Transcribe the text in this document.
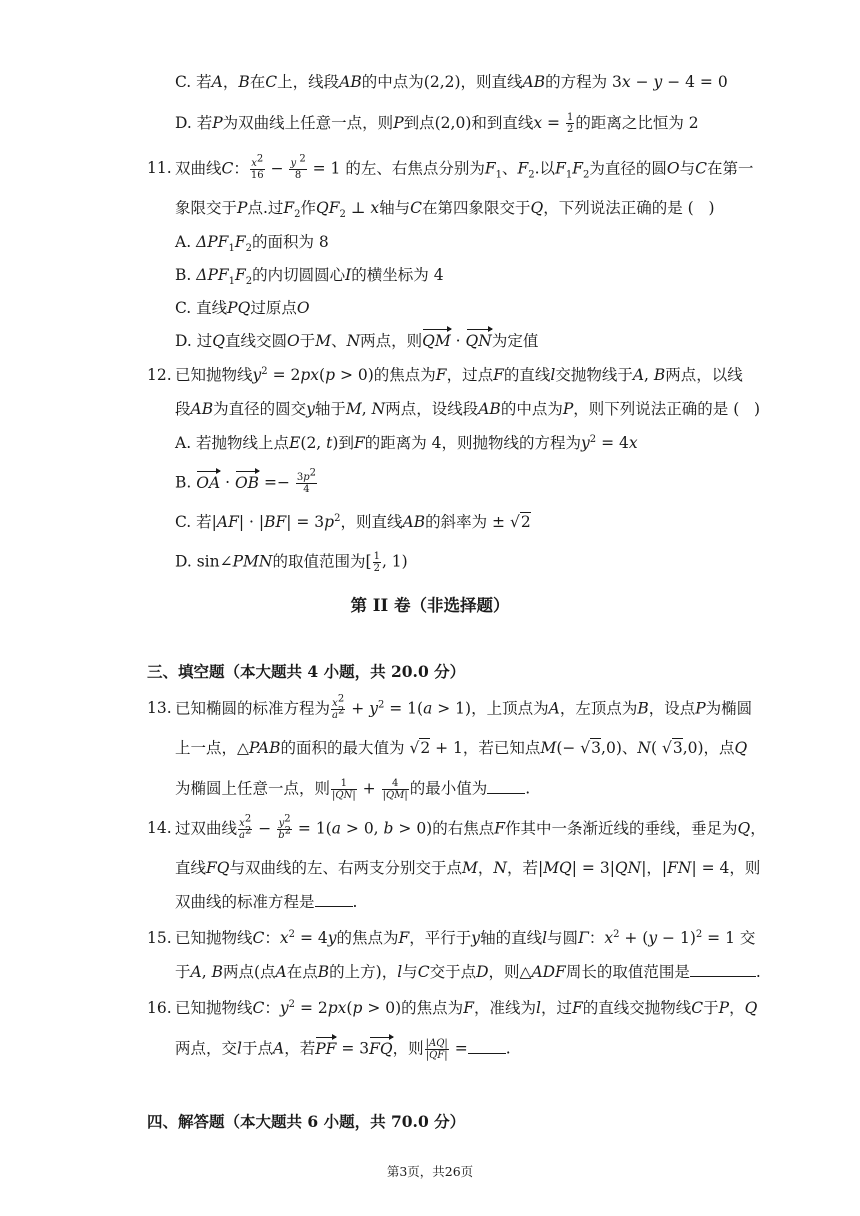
C. 若A，B在C上，线段AB的中点为(2,2)，则直线AB的方程为 3x − y − 4 = 0
D. 若P为双曲线上任意一点，则P到点(2,0)和到直线$x = \frac{1}{2}$ 的距离之比恒为 2
11. 双曲线C： $\frac{x^2}{16} - \frac{y ^2}{8} = 1$ 的左、右焦点分别为$F_1$、$F_2$.以$F_1F_2$为直径的圆O与C在第一
象限交于P点.过$F_2$作$QF_2$ ⊥ x轴与C在第四象限交于Q，下列说法正确的是 (   )
A. $\Delta PF_1F_2$的面积为 8
B. $\Delta PF_1F_2$的内切圆圆心I的横坐标为 4
C. 直线PQ过原点O
D. 过Q直线交圆O于M、N两点，则QM · QN为定值
12. 已知抛物线$y^2 = 2px(p > 0)$的焦点为F，过点F的直线l交抛物线于A, B两点，以线
段AB为直径的圆交y轴于M, N两点，设线段AB的中点为P，则下列说法正确的是 (   )
A. 若抛物线上点E(2, t)到F的距离为 4，则抛物线的方程为$y^2 = 4x$
B. OA · OB =− $\frac{3p^2}{4}$
C. 若$|AF| \cdot |BF| = 3p^2$，则直线AB的斜率为 ± √2
D. sin∠PMN的取值范围为[ $\frac{1}{2}$ , 1)
第 II 卷（非选择题）
三、填空题（本大题共 4 小题，共 20.0 分）
13. 已知椭圆的标准方程为 $\frac{x^2}{a^2} + y^2 = 1(a > 1)$，上顶点为A，左顶点为B，设点P为椭圆
上一点，△PAB的面积的最大值为 √2 + 1，若已知点M(− √3,0)、N( √3,0)，点Q
为椭圆上任意一点，则 $\frac{1}{|QN|} + \frac{4}{|QM|}$ 的最小值为 .
14. 过双曲线 $\frac{x^2}{a^2} - \frac{y^2}{b^2} = 1(a > 0$, b > 0)的右焦点F作其中一条渐近线的垂线，垂足为Q，
直线FQ与双曲线的左、右两支分别交于点M，N，若|MQ| = 3|QN|，|FN| = 4，则
双曲线的标准方程是 .
15. 已知抛物线C：$x^2 = 4y$的焦点为F，平行于y轴的直线l与圆Γ：$x^2 + (y - 1)^2 = 1$ 交
于A, B两点(点A在点B的上方)，l与C交于点D，则△ADF周长的取值范围是	.
16. 已知抛物线C：$y^2 = 2px(p > 0)$的焦点为F，准线为l，过F的直线交抛物线C于P，Q
两点，交l于点A，若PF = 3FQ，则 $\frac{|AQ|}{|QF|}$ = .
四、解答题（本大题共 6 小题，共 70.0 分）
第3页，共26页
